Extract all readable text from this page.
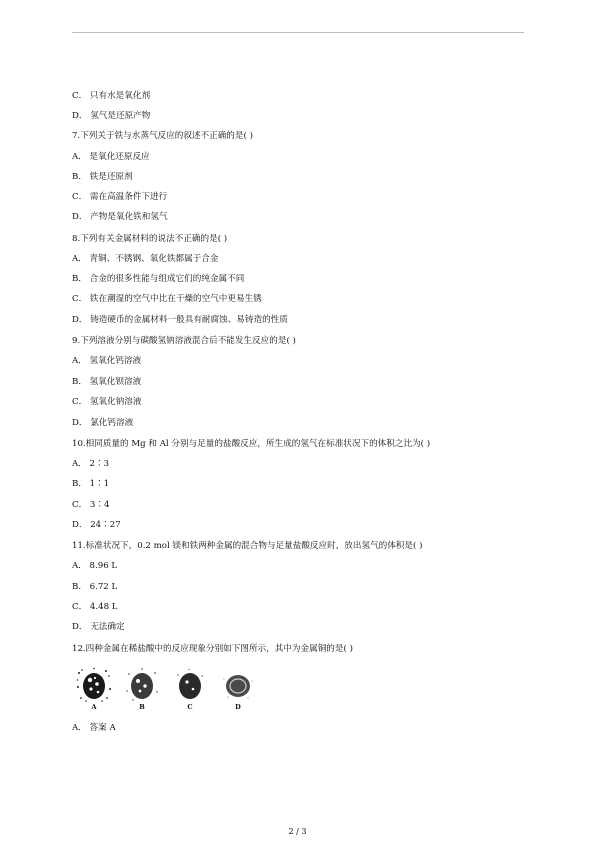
C． 只有水是氧化剂
D． 氢气是还原产物
7.下列关于铁与水蒸气反应的叙述不正确的是( )
A． 是氧化还原反应
B． 铁是还原剂
C． 需在高温条件下进行
D． 产物是氧化铁和氢气
8.下列有关金属材料的说法不正确的是( )
A． 青铜、不锈钢、氧化铁都属于合金
B． 合金的很多性能与组成它们的纯金属不同
C． 铁在潮湿的空气中比在干燥的空气中更易生锈
D． 铸造硬币的金属材料一般具有耐腐蚀、易铸造的性质
9.下列溶液分别与碳酸氢钠溶液混合后不能发生反应的是( )
A． 氢氧化钙溶液
B． 氢氧化钡溶液
C． 氢氧化钠溶液
D． 氯化钙溶液
10.相同质量的 Mg 和 Al 分别与足量的盐酸反应，所生成的氢气在标准状况下的体积之比为( )
A． 2∶3
B． 1∶1
C． 3∶4
D． 24∶27
11.标准状况下，0.2 mol 镁和铁两种金属的混合物与足量盐酸反应时，放出氢气的体积是( )
A． 8.96 L
B． 6.72 L
C． 4.48 L
D． 无法确定
12.四种金属在稀盐酸中的反应现象分别如下图所示，其中为金属铜的是( )
A	B	C	D
A． 答案 A
2 / 3
